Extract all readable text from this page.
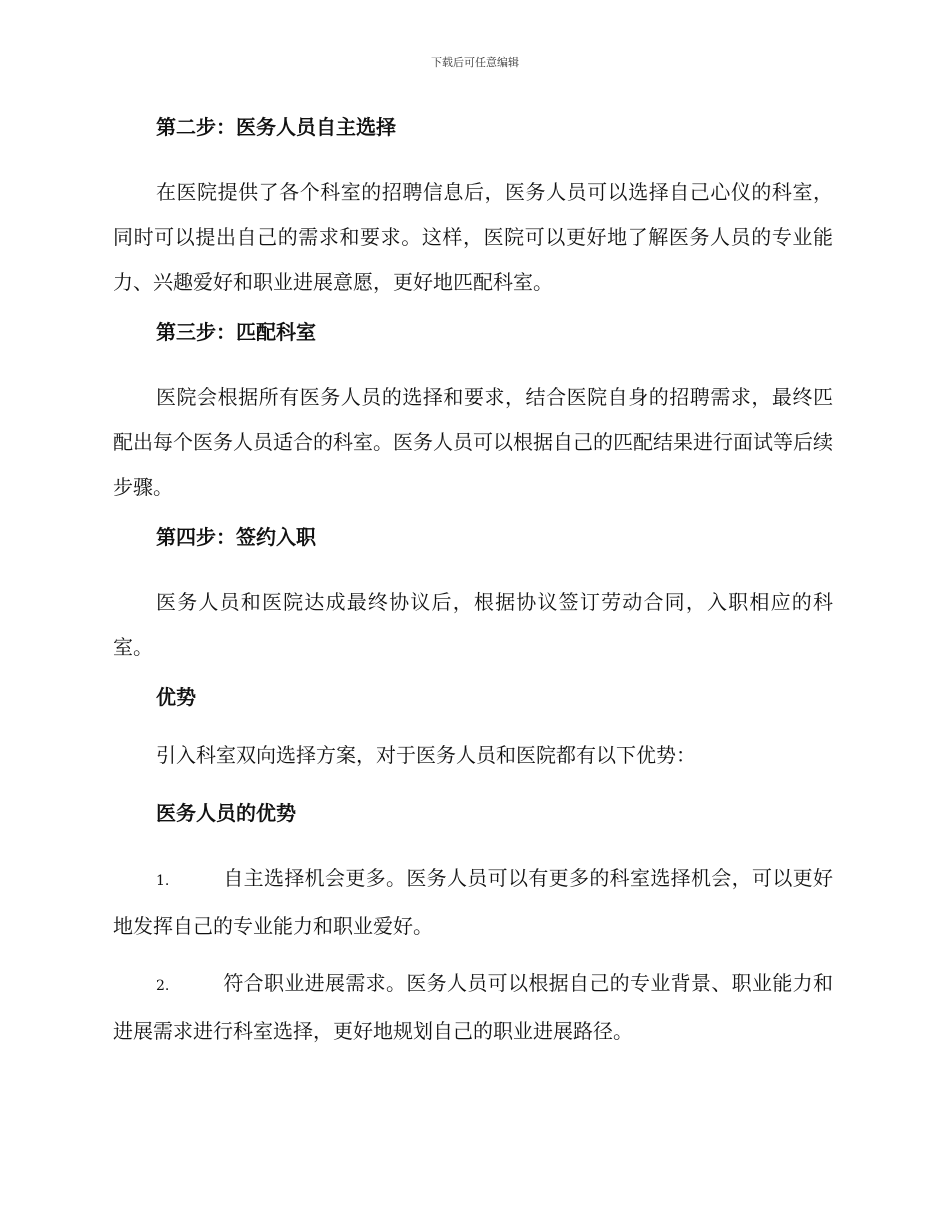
下载后可任意编辑

第二步：医务人员自主选择

在医院提供了各个科室的招聘信息后，医务人员可以选择自己心仪的科室，同时可以提出自己的需求和要求。这样，医院可以更好地了解医务人员的专业能力、兴趣爱好和职业进展意愿，更好地匹配科室。

第三步：匹配科室

医院会根据所有医务人员的选择和要求，结合医院自身的招聘需求，最终匹配出每个医务人员适合的科室。医务人员可以根据自己的匹配结果进行面试等后续步骤。

第四步：签约入职

医务人员和医院达成最终协议后，根据协议签订劳动合同，入职相应的科室。

优势

引入科室双向选择方案，对于医务人员和医院都有以下优势：

医务人员的优势

1.	自主选择机会更多。医务人员可以有更多的科室选择机会，可以更好地发挥自己的专业能力和职业爱好。

2.	符合职业进展需求。医务人员可以根据自己的专业背景、职业能力和进展需求进行科室选择，更好地规划自己的职业进展路径。
